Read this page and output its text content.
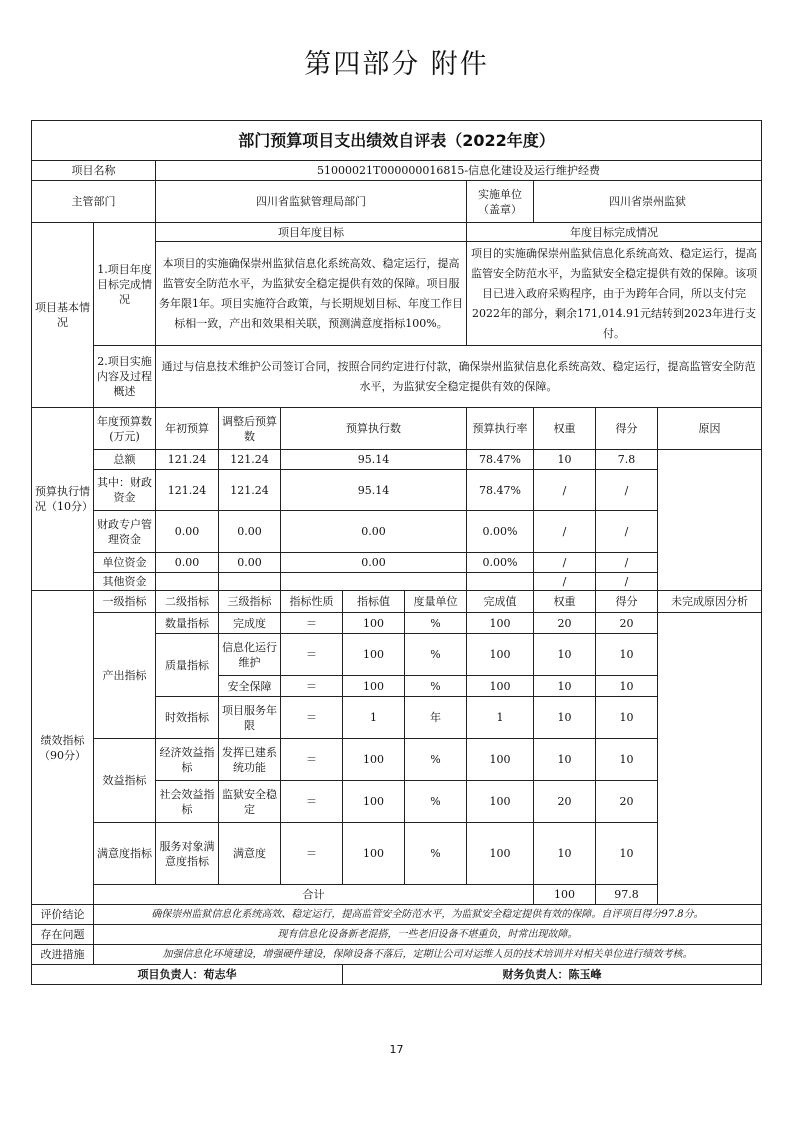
第四部分 附件
部门预算项目支出绩效自评表（2022年度）											
项目名称		51000021T000000016815-信息化建设及运行维护经费									
主管部门		四川省监狱管理局部门					实施单位（盖章）	四川省崇州监狱			
项目基本情况	1.项目年度目标完成情况	项目年度目标					年度目标完成情况				
		本项目的实施确保崇州监狱信息化系统高效、稳定运行，提高监管安全防范水平，为监狱安全稳定提供有效的保障。项目服务年限1年。项目实施符合政策，与长期规划目标、年度工作目标相一致，产出和效果相关联，预测满意度指标100%。					项目的实施确保崇州监狱信息化系统高效、稳定运行，提高监管安全防范水平，为监狱安全稳定提供有效的保障。该项目已进入政府采购程序，由于为跨年合同，所以支付完2022年的部分，剩余171,014.91元结转到2023年进行支付。				
	2.项目实施内容及过程概述	通过与信息技术维护公司签订合同，按照合同约定进行付款，确保崇州监狱信息化系统高效、稳定运行，提高监管安全防范水平，为监狱安全稳定提供有效的保障。									

预算执行情况（10分）	年度预算数(万元)	年初预算	调整后预算数	预算执行数			预算执行率	权重	得分	原因	
	总额	121.24	121.24	95.14			78.47%	10	7.8		
	其中：财政资金	121.24	121.24	95.14			78.47%	/	/		
	财政专户管理资金	0.00	0.00	0.00			0.00%	/	/		
	单位资金	0.00	0.00	0.00			0.00%	/	/		
	其他资金							/	/		
绩效指标（90分）	一级指标	二级指标	三级指标	指标性质	指标值	度量单位	完成值	权重	得分	未完成原因分析	
	产出指标	数量指标	完成度	＝	100	%	100	20	20		
		质量指标	信息化运行维护	＝	100	%	100	10	10		
			安全保障	＝	100	%	100	10	10		
		时效指标	项目服务年限	＝	1	年	1	10	10		
	效益指标	经济效益指标	发挥已建系统功能	＝	100	%	100	10	10		
		社会效益指标	监狱安全稳定	＝	100	%	100	20	20		
	满意度指标	服务对象满意度指标	满意度	＝	100	%	100	10	10		
	合计							100	97.8		

评价结论	确保崇州监狱信息化系统高效、稳定运行，提高监管安全防范水平，为监狱安全稳定提供有效的保障。自评项目得分97.8分。										
存在问题	现有信息化设备新老混搭，一些老旧设备不堪重负，时常出现故障。										
改进措施	加强信息化环境建设，增强硬件建设，保障设备不落后，定期让公司对运维人员的技术培训并对相关单位进行绩效考核。										
项目负责人：荀志华					财务负责人：陈玉峰						
17
